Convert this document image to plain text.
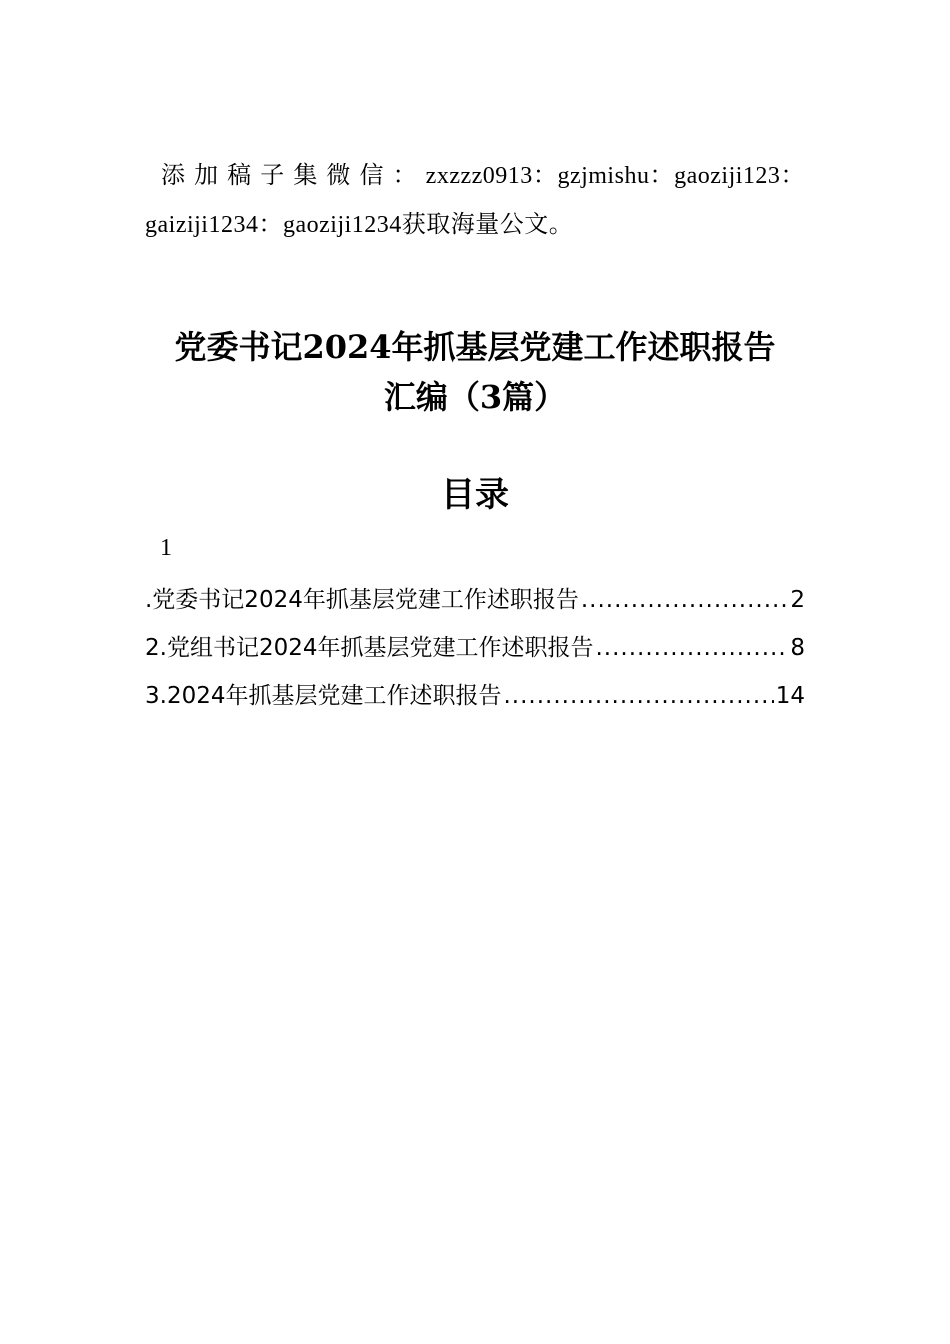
添加稿子集微信：zxzzz0913：gzjmishu：gaoziji123：gaiziji1234：gaoziji1234获取海量公文。

党委书记2024年抓基层党建工作述职报告
汇编（3篇）
目录
1
.党委书记2024年抓基层党建工作述职报告 .....	2
2.党组书记2024年抓基层党建工作述职报告 .....	8
3.2024年抓基层党建工作述职报告 .....	14
